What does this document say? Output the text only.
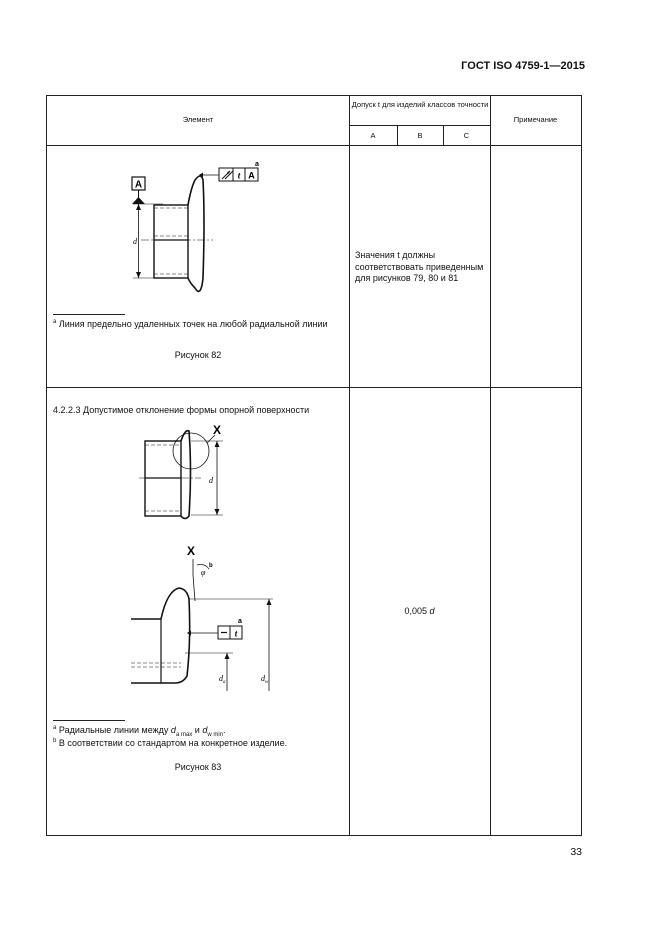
ГОСТ ISO 4759-1—2015
Элемент
Допуск t для изделий классов точности
A	B	C
Примечание
A
d
t A
a
$^a$ Линия предельно удаленных точек на любой радиальной линии
Рисунок 82
Значения t должны соответствовать приведенным для рисунков 79, 80 и 81
4.2.2.3 Допустимое отклонение формы опорной поверхности
X
d
X
φ
b
t
a
$d_a$	$d_w$
$^a$ Радиальные линии между $d_{a max}$ и $d_{w min}$.
$^b$ В соответствии со стандартом на конкретное изделие.
Рисунок 83
0,005 d
33
